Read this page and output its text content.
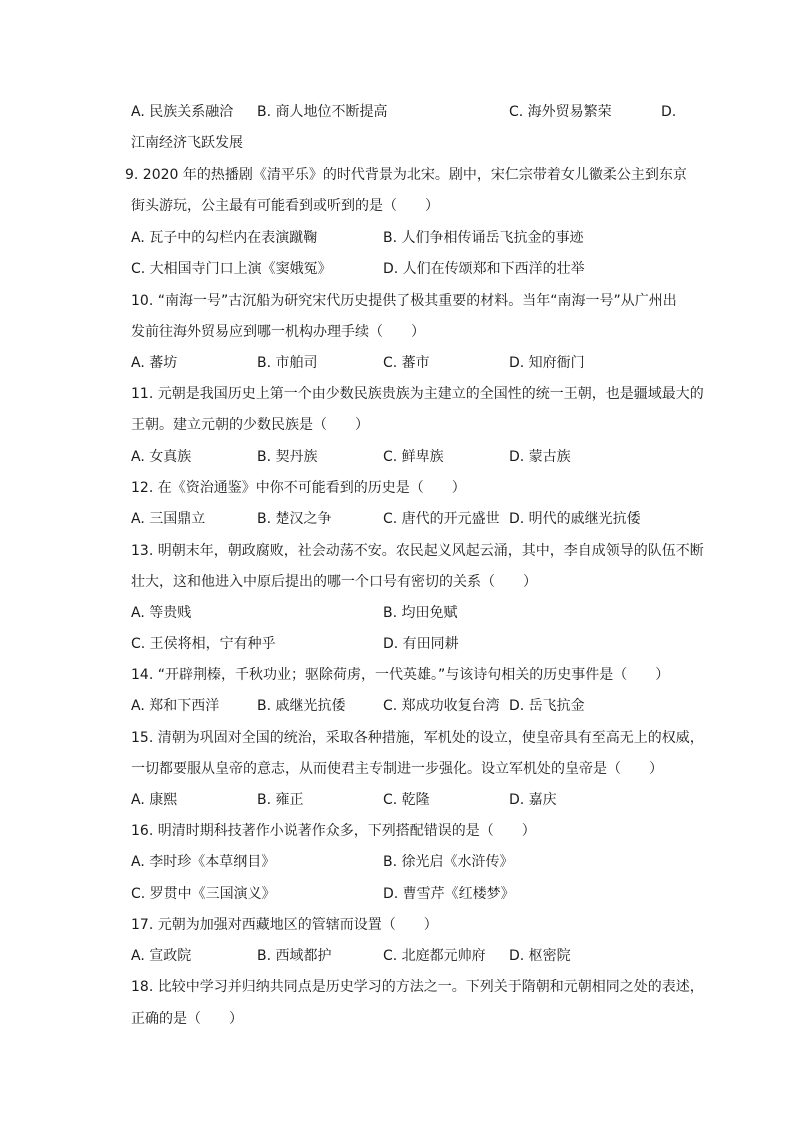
A. 民族关系融洽 B. 商人地位不断提高	C. 海外贸易繁荣	D.
江南经济飞跃发展
9. 2020 年的热播剧《清平乐》的时代背景为北宋。剧中，宋仁宗带着女儿徽柔公主到东京
街头游玩，公主最有可能看到或听到的是（　　）
A. 瓦子中的勾栏内在表演蹴鞠	B. 人们争相传诵岳飞抗金的事迹
C. 大相国寺门口上演《窦娥冤》	D. 人们在传颂郑和下西洋的壮举
10. “南海一号”古沉船为研究宋代历史提供了极其重要的材料。当年“南海一号”从广州出
发前往海外贸易应到哪一机构办理手续（　　）
A. 蕃坊	B. 市舶司	C. 蕃市	D. 知府衙门
11. 元朝是我国历史上第一个由少数民族贵族为主建立的全国性的统一王朝，也是疆域最大的
王朝。建立元朝的少数民族是（　　）
A. 女真族	B. 契丹族	C. 鲜卑族	D. 蒙古族
12. 在《资治通鉴》中你不可能看到的历史是（　　）
A. 三国鼎立	B. 楚汉之争	C. 唐代的开元盛世 D. 明代的戚继光抗倭
13. 明朝末年，朝政腐败，社会动荡不安。农民起义风起云涌，其中，李自成领导的队伍不断
壮大，这和他进入中原后提出的哪一个口号有密切的关系（　　）
A. 等贵贱	B. 均田免赋
C. 王侯将相，宁有种乎	D. 有田同耕
14. “开辟荆榛，千秋功业；驱除荷虏，一代英雄。”与该诗句相关的历史事件是（　　）
A. 郑和下西洋	B. 戚继光抗倭	C. 郑成功收复台湾 D. 岳飞抗金
15. 清朝为巩固对全国的统治，采取各种措施，军机处的设立，使皇帝具有至高无上的权威，
一切都要服从皇帝的意志，从而使君主专制进一步强化。设立军机处的皇帝是（　　）
A. 康熙	B. 雍正	C. 乾隆	D. 嘉庆
16. 明清时期科技著作小说著作众多，下列搭配错误的是（　　）
A. 李时珍《本草纲目》	B. 徐光启《水浒传》
C. 罗贯中《三国演义》	D. 曹雪芹《红楼梦》
17. 元朝为加强对西藏地区的管辖而设置（　　）
A. 宣政院	B. 西域都护	C. 北庭都元帅府 D. 枢密院
18. 比较中学习并归纳共同点是历史学习的方法之一。下列关于隋朝和元朝相同之处的表述，
正确的是（　　）
